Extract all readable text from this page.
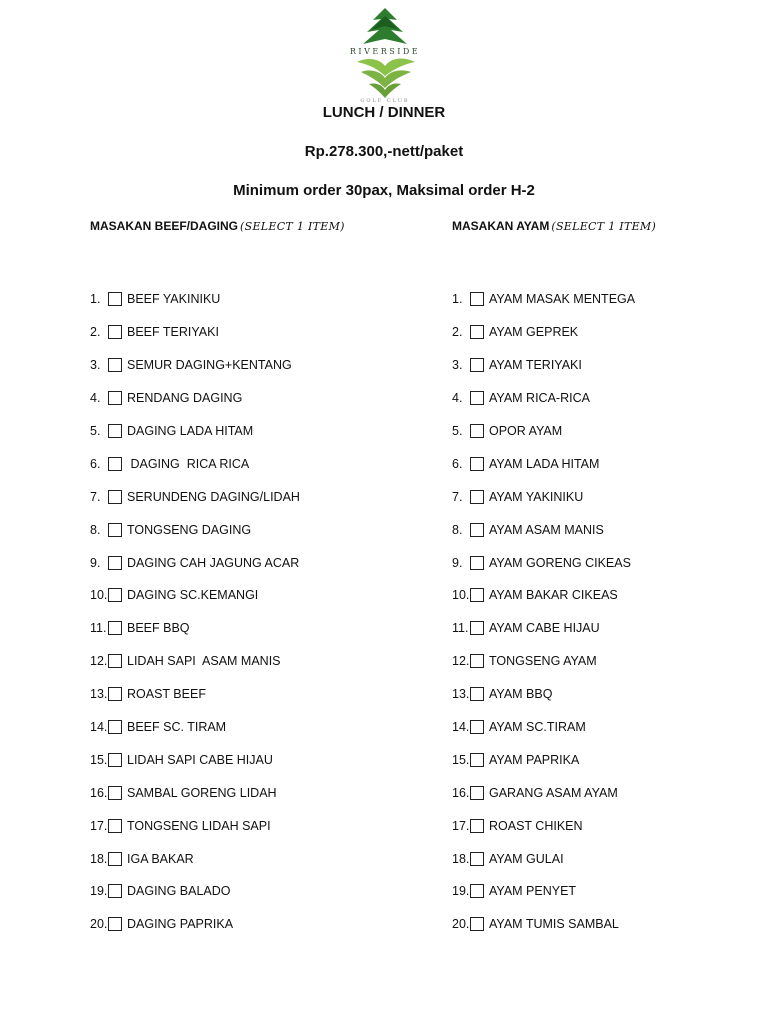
RIVERSIDE
GOLF CLUB
LUNCH / DINNER
Rp.278.300,-nett/paket
Minimum order 30pax, Maksimal order H-2
MASAKAN BEEF/DAGING (SELECT 1 ITEM)	MASAKAN AYAM (SELECT 1 ITEM)
1.	BEEF YAKINIKU
2.	BEEF TERIYAKI
3.	SEMUR DAGING+KENTANG
4.	RENDANG DAGING
5.	DAGING LADA HITAM
6.	DAGING  RICA RICA
7.	SERUNDENG DAGING/LIDAH
8.	TONGSENG DAGING
9.	DAGING CAH JAGUNG ACAR
10. DAGING SC.KEMANGI
11. BEEF BBQ
12. LIDAH SAPI  ASAM MANIS
13. ROAST BEEF
14. BEEF SC. TIRAM
15. LIDAH SAPI CABE HIJAU
16. SAMBAL GORENG LIDAH
17. TONGSENG LIDAH SAPI
18. IGA BAKAR
19. DAGING BALADO
20. DAGING PAPRIKA
1.	AYAM MASAK MENTEGA
2.	AYAM GEPREK
3.	AYAM TERIYAKI
4.	AYAM RICA-RICA
5.	OPOR AYAM
6.	AYAM LADA HITAM
7.	AYAM YAKINIKU
8.	AYAM ASAM MANIS
9.	AYAM GORENG CIKEAS
10. AYAM BAKAR CIKEAS
11. AYAM CABE HIJAU
12. TONGSENG AYAM
13. AYAM BBQ
14. AYAM SC.TIRAM
15. AYAM PAPRIKA
16. GARANG ASAM AYAM
17. ROAST CHIKEN
18. AYAM GULAI
19. AYAM PENYET
20. AYAM TUMIS SAMBAL
